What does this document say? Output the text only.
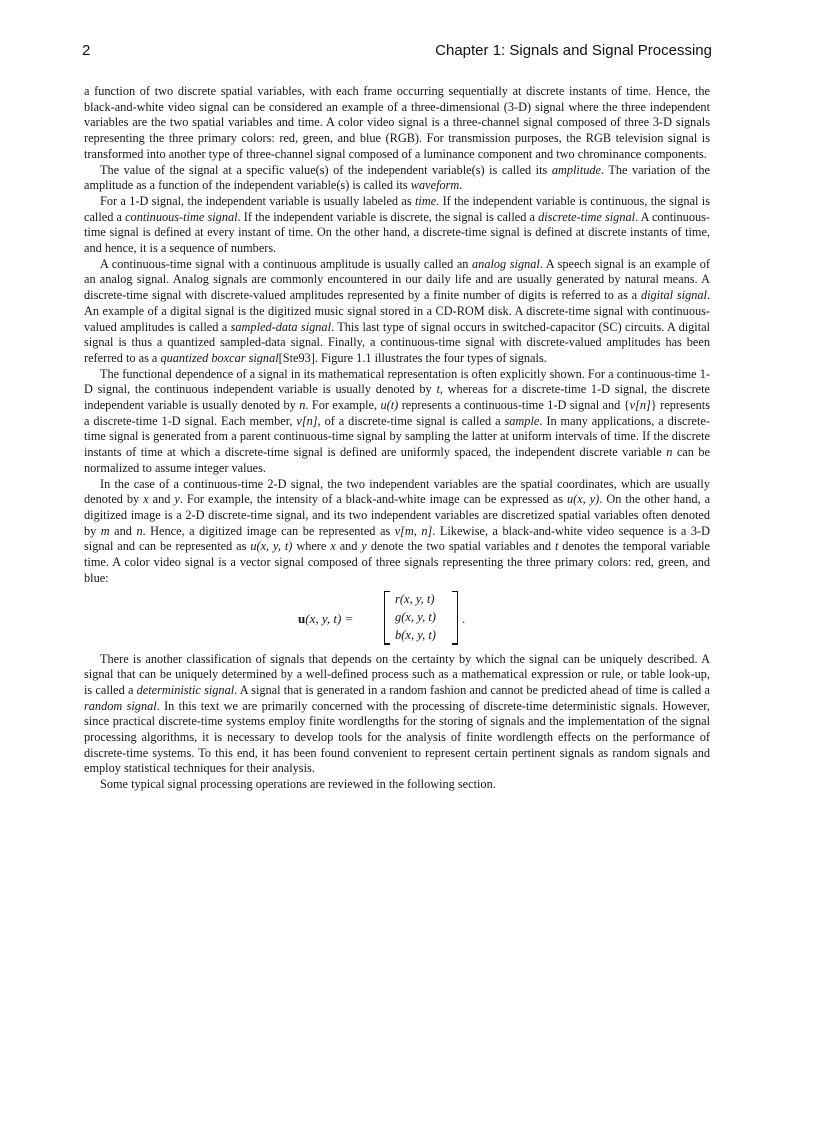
2	Chapter 1: Signals and Signal Processing

a function of two discrete spatial variables, with each frame occurring sequentially at discrete instants of time. Hence, the black-and-white video signal can be considered an example of a three-dimensional (3-D) signal where the three independent variables are the two spatial variables and time. A color video signal is a three-channel signal composed of three 3-D signals representing the three primary colors: red, green, and blue (RGB). For transmission purposes, the RGB television signal is transformed into another type of three-channel signal composed of a luminance component and two chrominance components.

The value of the signal at a specific value(s) of the independent variable(s) is called its amplitude. The variation of the amplitude as a function of the independent variable(s) is called its waveform.

For a 1-D signal, the independent variable is usually labeled as time. If the independent variable is continuous, the signal is called a continuous-time signal. If the independent variable is discrete, the signal is called a discrete-time signal. A continuous-time signal is defined at every instant of time. On the other hand, a discrete-time signal is defined at discrete instants of time, and hence, it is a sequence of numbers.

A continuous-time signal with a continuous amplitude is usually called an analog signal. A speech signal is an example of an analog signal. Analog signals are commonly encountered in our daily life and are usually generated by natural means. A discrete-time signal with discrete-valued amplitudes represented by a finite number of digits is referred to as a digital signal. An example of a digital signal is the digitized music signal stored in a CD-ROM disk. A discrete-time signal with continuous-valued amplitudes is called a sampled-data signal. This last type of signal occurs in switched-capacitor (SC) circuits. A digital signal is thus a quantized sampled-data signal. Finally, a continuous-time signal with discrete-valued amplitudes has been referred to as a quantized boxcar signal[Ste93]. Figure 1.1 illustrates the four types of signals.

The functional dependence of a signal in its mathematical representation is often explicitly shown. For a continuous-time 1-D signal, the continuous independent variable is usually denoted by t, whereas for a discrete-time 1-D signal, the discrete independent variable is usually denoted by n. For example, u(t) represents a continuous-time 1-D signal and {v[n]} represents a discrete-time 1-D signal. Each member, v[n], of a discrete-time signal is called a sample. In many applications, a discrete-time signal is generated from a parent continuous-time signal by sampling the latter at uniform intervals of time. If the discrete instants of time at which a discrete-time signal is defined are uniformly spaced, the independent discrete variable n can be normalized to assume integer values.

In the case of a continuous-time 2-D signal, the two independent variables are the spatial coordinates, which are usually denoted by x and y. For example, the intensity of a black-and-white image can be expressed as u(x, y). On the other hand, a digitized image is a 2-D discrete-time signal, and its two independent variables are discretized spatial variables often denoted by m and n. Hence, a digitized image can be represented as v[m, n]. Likewise, a black-and-white video sequence is a 3-D signal and can be represented as u(x, y, t) where x and y denote the two spatial variables and t denotes the temporal variable time. A color video signal is a vector signal composed of three signals representing the three primary colors: red, green, and blue:

u(x, y, t) =
r(x, y, t)
g(x, y, t)
b(x, y, t)
.

There is another classification of signals that depends on the certainty by which the signal can be uniquely described. A signal that can be uniquely determined by a well-defined process such as a mathematical expression or rule, or table look-up, is called a deterministic signal. A signal that is generated in a random fashion and cannot be predicted ahead of time is called a random signal. In this text we are primarily concerned with the processing of discrete-time deterministic signals. However, since practical discrete-time systems employ finite wordlengths for the storing of signals and the implementation of the signal processing algorithms, it is necessary to develop tools for the analysis of finite wordlength effects on the performance of discrete-time systems. To this end, it has been found convenient to represent certain pertinent signals as random signals and employ statistical techniques for their analysis.

Some typical signal processing operations are reviewed in the following section.
